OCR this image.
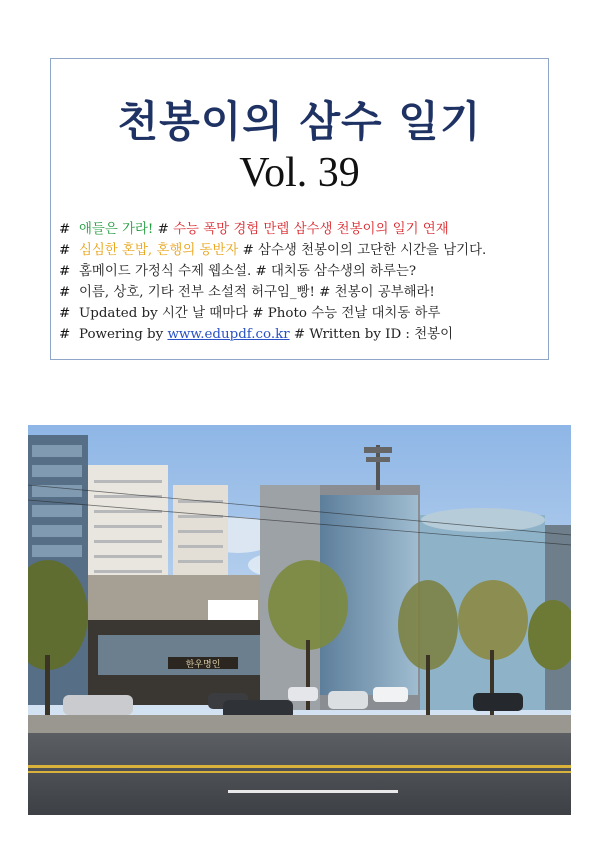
천봉이의 삼수 일기
Vol. 39
# 애들은 가라! # 수능 폭망 경험 만렙 삼수생 천봉이의 일기 연재
# 심심한 혼밥, 혼행의 동반자 # 삼수생 천봉이의 고단한 시간을 남기다.
# 홈메이드 가정식 수제 웹소설. # 대치동 삼수생의 하루는?
# 이름, 상호, 기타 전부 소설적 허구임_빵! # 천봉이 공부해라!
# Updated by 시간 날 때마다 # Photo 수능 전날 대치동 하루
# Powering by www.edupdf.co.kr # Written by ID : 천봉이
한우명인
